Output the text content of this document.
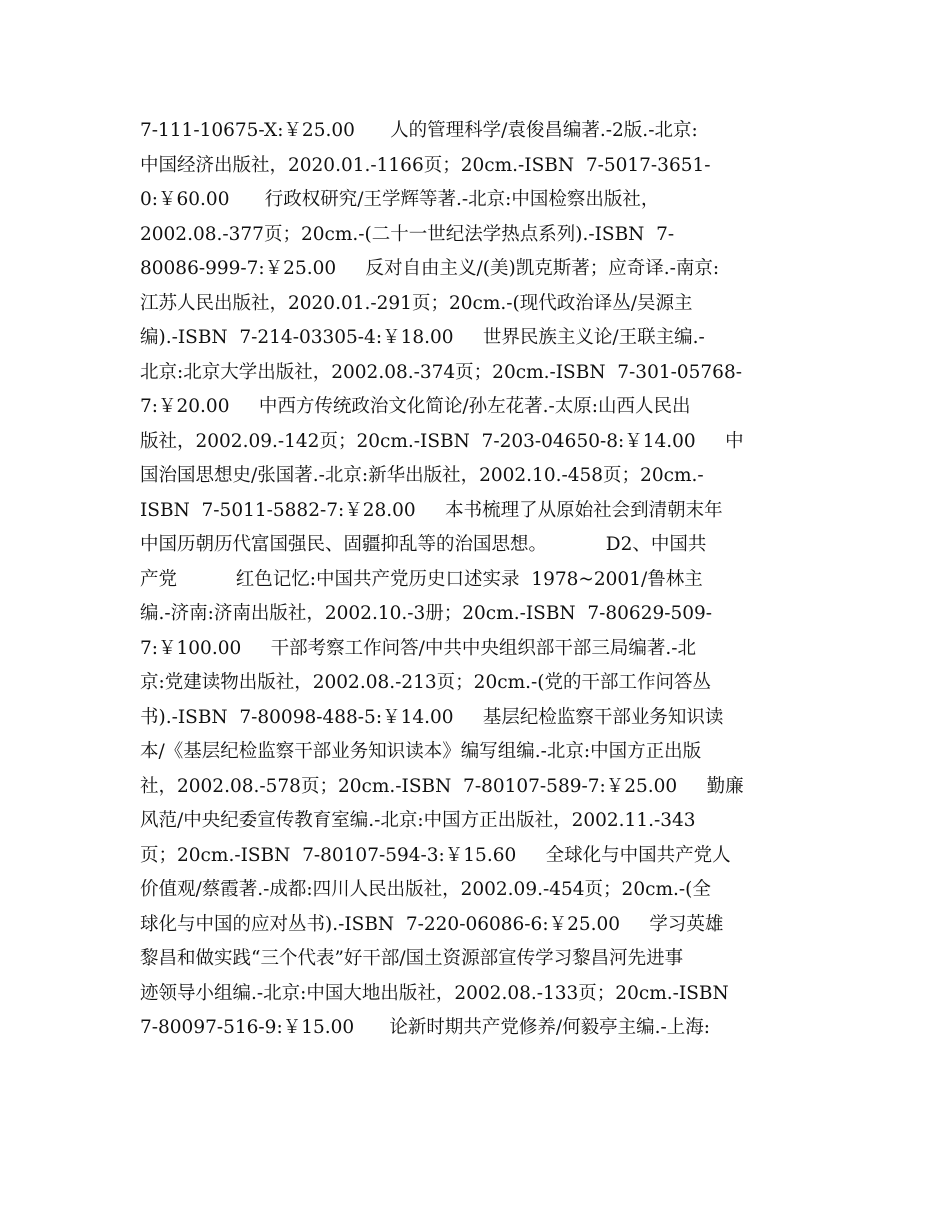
7-111-10675-X:￥25.00      人的管理科学/袁俊昌编著.-2版.-北京:
中国经济出版社，2020.01.-1166页；20cm.-ISBN  7-5017-3651-
0:￥60.00      行政权研究/王学辉等著.-北京:中国检察出版社，
2002.08.-377页；20cm.-(二十一世纪法学热点系列).-ISBN  7-
80086-999-7:￥25.00     反对自由主义/(美)凯克斯著；应奇译.-南京:
江苏人民出版社，2020.01.-291页；20cm.-(现代政治译丛/吴源主
编).-ISBN  7-214-03305-4:￥18.00     世界民族主义论/王联主编.-
北京:北京大学出版社，2002.08.-374页；20cm.-ISBN  7-301-05768-
7:￥20.00     中西方传统政治文化简论/孙左花著.-太原:山西人民出
版社，2002.09.-142页；20cm.-ISBN  7-203-04650-8:￥14.00     中
国治国思想史/张国著.-北京:新华出版社，2002.10.-458页；20cm.-
ISBN  7-5011-5882-7:￥28.00     本书梳理了从原始社会到清朝末年
中国历朝历代富国强民、固疆抑乱等的治国思想。          D2、中国共
产党          红色记忆:中国共产党历史口述实录  1978~2001/鲁林主
编.-济南:济南出版社，2002.10.-3册；20cm.-ISBN  7-80629-509-
7:￥100.00     干部考察工作问答/中共中央组织部干部三局编著.-北
京:党建读物出版社，2002.08.-213页；20cm.-(党的干部工作问答丛
书).-ISBN  7-80098-488-5:￥14.00     基层纪检监察干部业务知识读
本/《基层纪检监察干部业务知识读本》编写组编.-北京:中国方正出版
社，2002.08.-578页；20cm.-ISBN  7-80107-589-7:￥25.00     勤廉
风范/中央纪委宣传教育室编.-北京:中国方正出版社，2002.11.-343
页；20cm.-ISBN  7-80107-594-3:￥15.60     全球化与中国共产党人
价值观/蔡霞著.-成都:四川人民出版社，2002.09.-454页；20cm.-(全
球化与中国的应对丛书).-ISBN  7-220-06086-6:￥25.00     学习英雄
黎昌和做实践“三个代表”好干部/国土资源部宣传学习黎昌河先进事
迹领导小组编.-北京:中国大地出版社，2002.08.-133页；20cm.-ISBN
7-80097-516-9:￥15.00      论新时期共产党修养/何毅亭主编.-上海:
